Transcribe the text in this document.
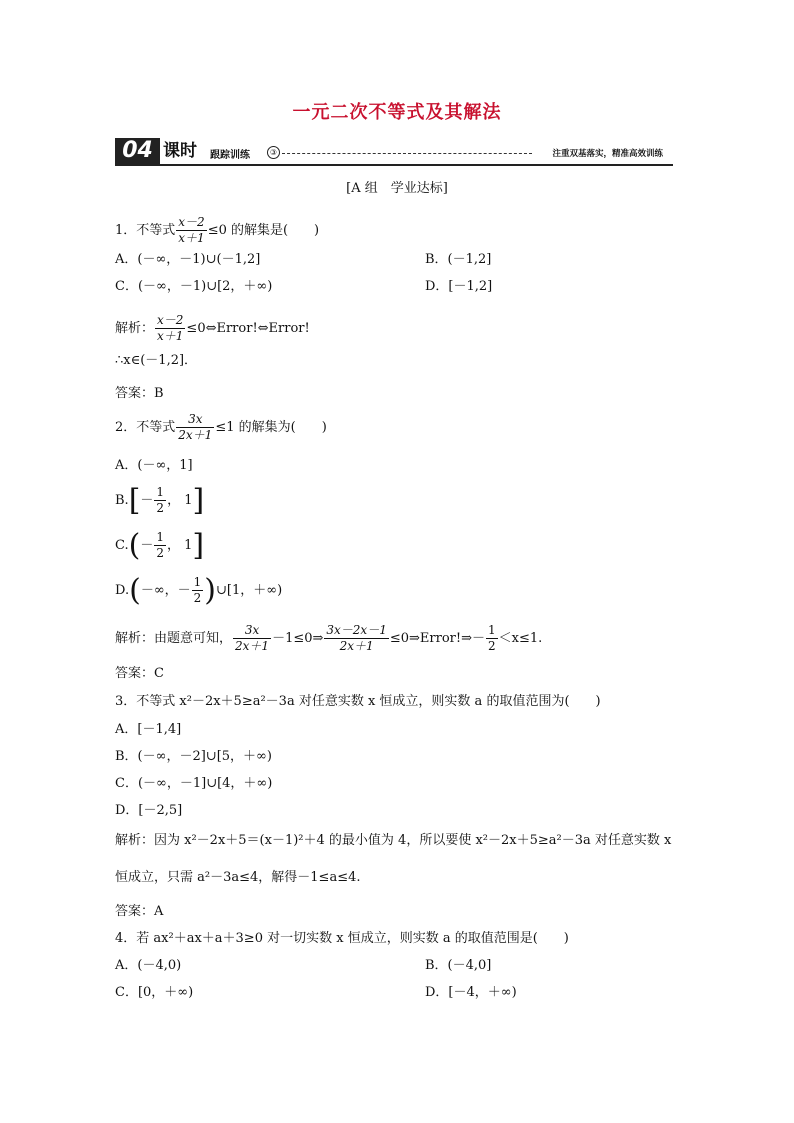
一元二次不等式及其解法
04 课时 跟踪训练	③	注重双基落实，精准高效训练
[A 组　学业达标]
1．不等式 $\frac{x-2}{x+1} \le 0$ 的解集是(　　)
A．(－∞，－1)∪(－1,2]	B．(－1,2]
C．(－∞，－1)∪[2，＋∞)	D．[－1,2]
解析： $\frac{x-2}{x+1}$ ≤0⇔Error!⇔Error!
∴x∈(－1,2]．
答案：B
2．不等式 $\frac{3x}{2x+1} \le 1$ 的解集为(　　)
A．(－∞，1]
$B.[- \frac{1}{2}$ ， 1]
$C.(- \frac{1}{2}$ ， 1]
D.(－∞，－ $\frac{1}{2}$ )∪[1，＋∞)
解析：由题意可知， $\frac{3x}{2x+1}$ －1≤0⇒ $\frac{3x-2x-1}{2x+1}$ ≤0⇒Error!⇒－ $\frac{1}{2} <x\le 1$.
答案：C
3．不等式 x²－2x＋5≥a²－3a 对任意实数 x 恒成立，则实数 a 的取值范围为(　　)
A．[－1,4]
B．(－∞，－2]∪[5，＋∞)
C．(－∞，－1]∪[4，＋∞)
D．[－2,5]
解析：因为 x²－2x＋5＝(x－1)²＋4 的最小值为 4，所以要使 x²－2x＋5≥a²－3a 对任意实数 x
恒成立，只需 a²－3a≤4，解得－1≤a≤4.
答案：A
4．若 ax²＋ax＋a＋3≥0 对一切实数 x 恒成立，则实数 a 的取值范围是(　　)
A．(－4,0)	B．(－4,0]
C．[0，＋∞)	D．[－4，＋∞)
